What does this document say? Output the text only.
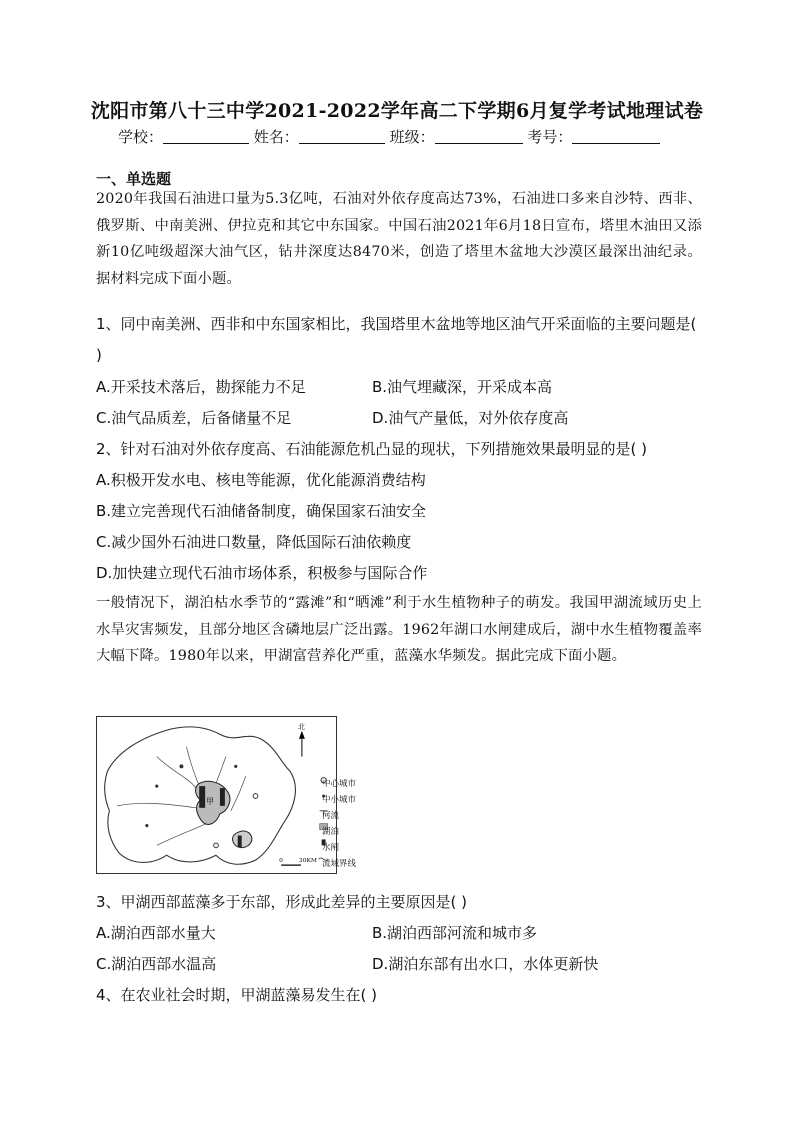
沈阳市第八十三中学2021-2022学年高二下学期6月复学考试地理试卷
学校：	姓名：	班级：	考号：
一、单选题
2020年我国石油进口量为5.3亿吨，石油对外依存度高达73%，石油进口多来自沙特、西非、俄罗斯、中南美洲、伊拉克和其它中东国家。中国石油2021年6月18日宣布，塔里木油田又添新10亿吨级超深大油气区，钻井深度达8470米，创造了塔里木盆地大沙漠区最深出油纪录。据材料完成下面小题。
1、同中南美洲、西非和中东国家相比，我国塔里木盆地等地区油气开采面临的主要问题是( )
A.开采技术落后，勘探能力不足	B.油气埋藏深，开采成本高
C.油气品质差，后备储量不足	D.油气产量低，对外依存度高
2、针对石油对外依存度高、石油能源危机凸显的现状，下列措施效果最明显的是( )
A.积极开发水电、核电等能源，优化能源消费结构
B.建立完善现代石油储备制度，确保国家石油安全
C.减少国外石油进口数量，降低国际石油依赖度
D.加快建立现代石油市场体系，积极参与国际合作
一般情况下，湖泊枯水季节的“露滩”和“晒滩”利于水生植物种子的萌发。我国甲湖流域历史上水旱灾害频发，且部分地区含磷地层广泛出露。1962年湖口水闸建成后，湖中水生植物覆盖率大幅下降。1980年以来，甲湖富营养化严重，蓝藻水华频发。据此完成下面小题。
甲
0	30KM
北
中心城市
中小城市
河流
湖泊
水闸
流域界线
3、甲湖西部蓝藻多于东部，形成此差异的主要原因是( )
A.湖泊西部水量大	B.湖泊西部河流和城市多
C.湖泊西部水温高	D.湖泊东部有出水口，水体更新快
4、在农业社会时期，甲湖蓝藻易发生在( )
